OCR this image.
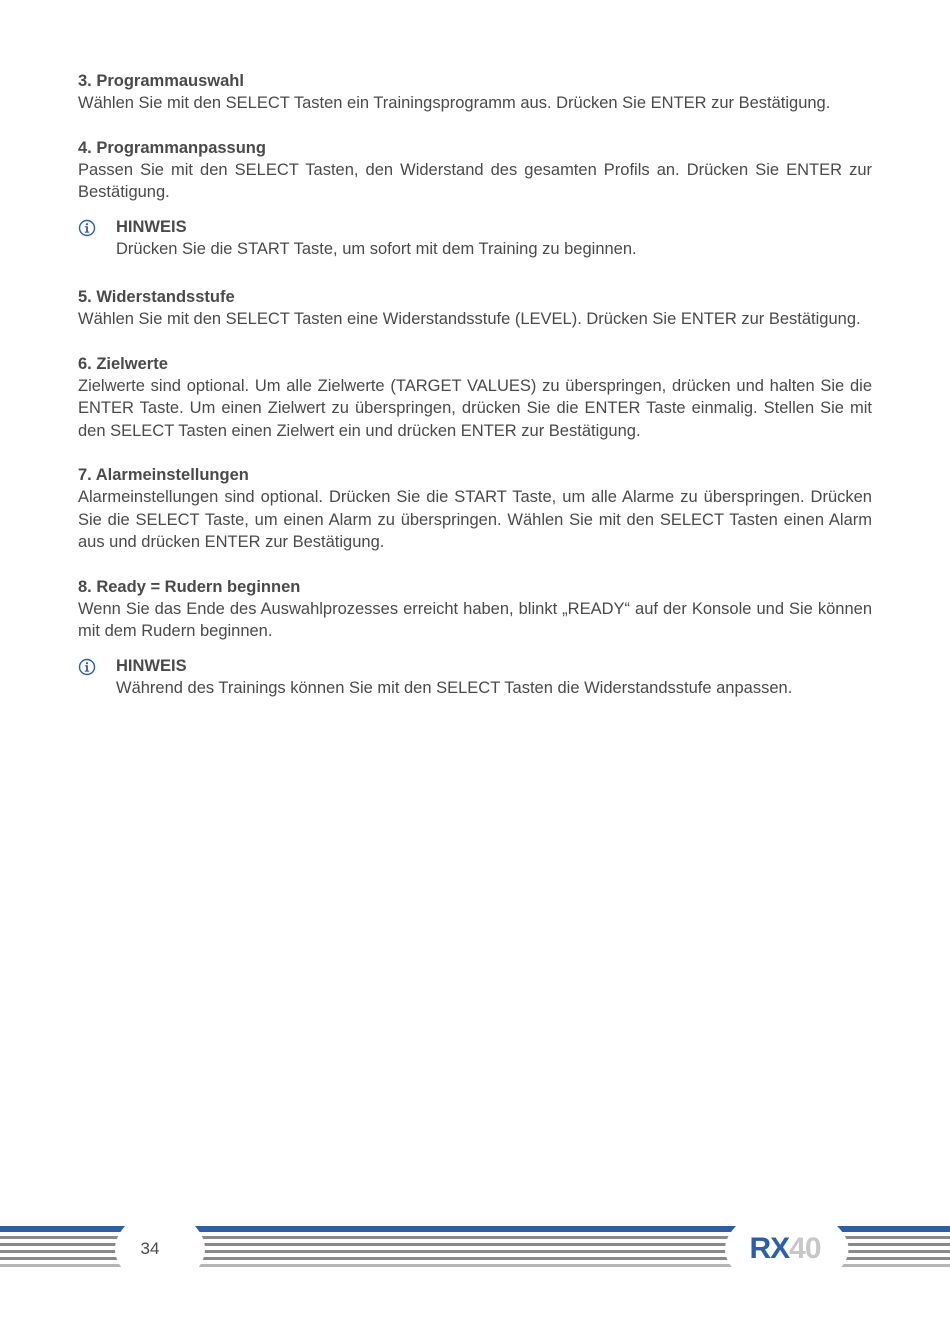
3. Programmauswahl
Wählen Sie mit den SELECT Tasten ein Trainingsprogramm aus. Drücken Sie ENTER zur Bestätigung.
4. Programmanpassung
Passen Sie mit den SELECT Tasten, den Widerstand des gesamten Profils an. Drücken Sie ENTER zur Bestätigung.
HINWEIS
Drücken Sie die START Taste, um sofort mit dem Training zu beginnen.
5. Widerstandsstufe
Wählen Sie mit den SELECT Tasten eine Widerstandsstufe (LEVEL). Drücken Sie ENTER zur Bestätigung.
6. Zielwerte
Zielwerte sind optional. Um alle Zielwerte (TARGET VALUES) zu überspringen, drücken und halten Sie die ENTER Taste. Um einen Zielwert zu überspringen, drücken Sie die ENTER Taste einmalig. Stellen Sie mit den SELECT Tasten einen Zielwert ein und drücken ENTER zur Bestätigung.
7. Alarmeinstellungen
Alarmeinstellungen sind optional. Drücken Sie die START Taste, um alle Alarme zu überspringen. Drücken Sie die SELECT Taste, um einen Alarm zu überspringen. Wählen Sie mit den SELECT Tasten einen Alarm aus und drücken ENTER zur Bestätigung.
8. Ready = Rudern beginnen
Wenn Sie das Ende des Auswahlprozesses erreicht haben, blinkt „READY“ auf der Konsole und Sie können mit dem Rudern beginnen.
HINWEIS
Während des Trainings können Sie mit den SELECT Tasten die Widerstandsstufe anpassen.
34	RX40
